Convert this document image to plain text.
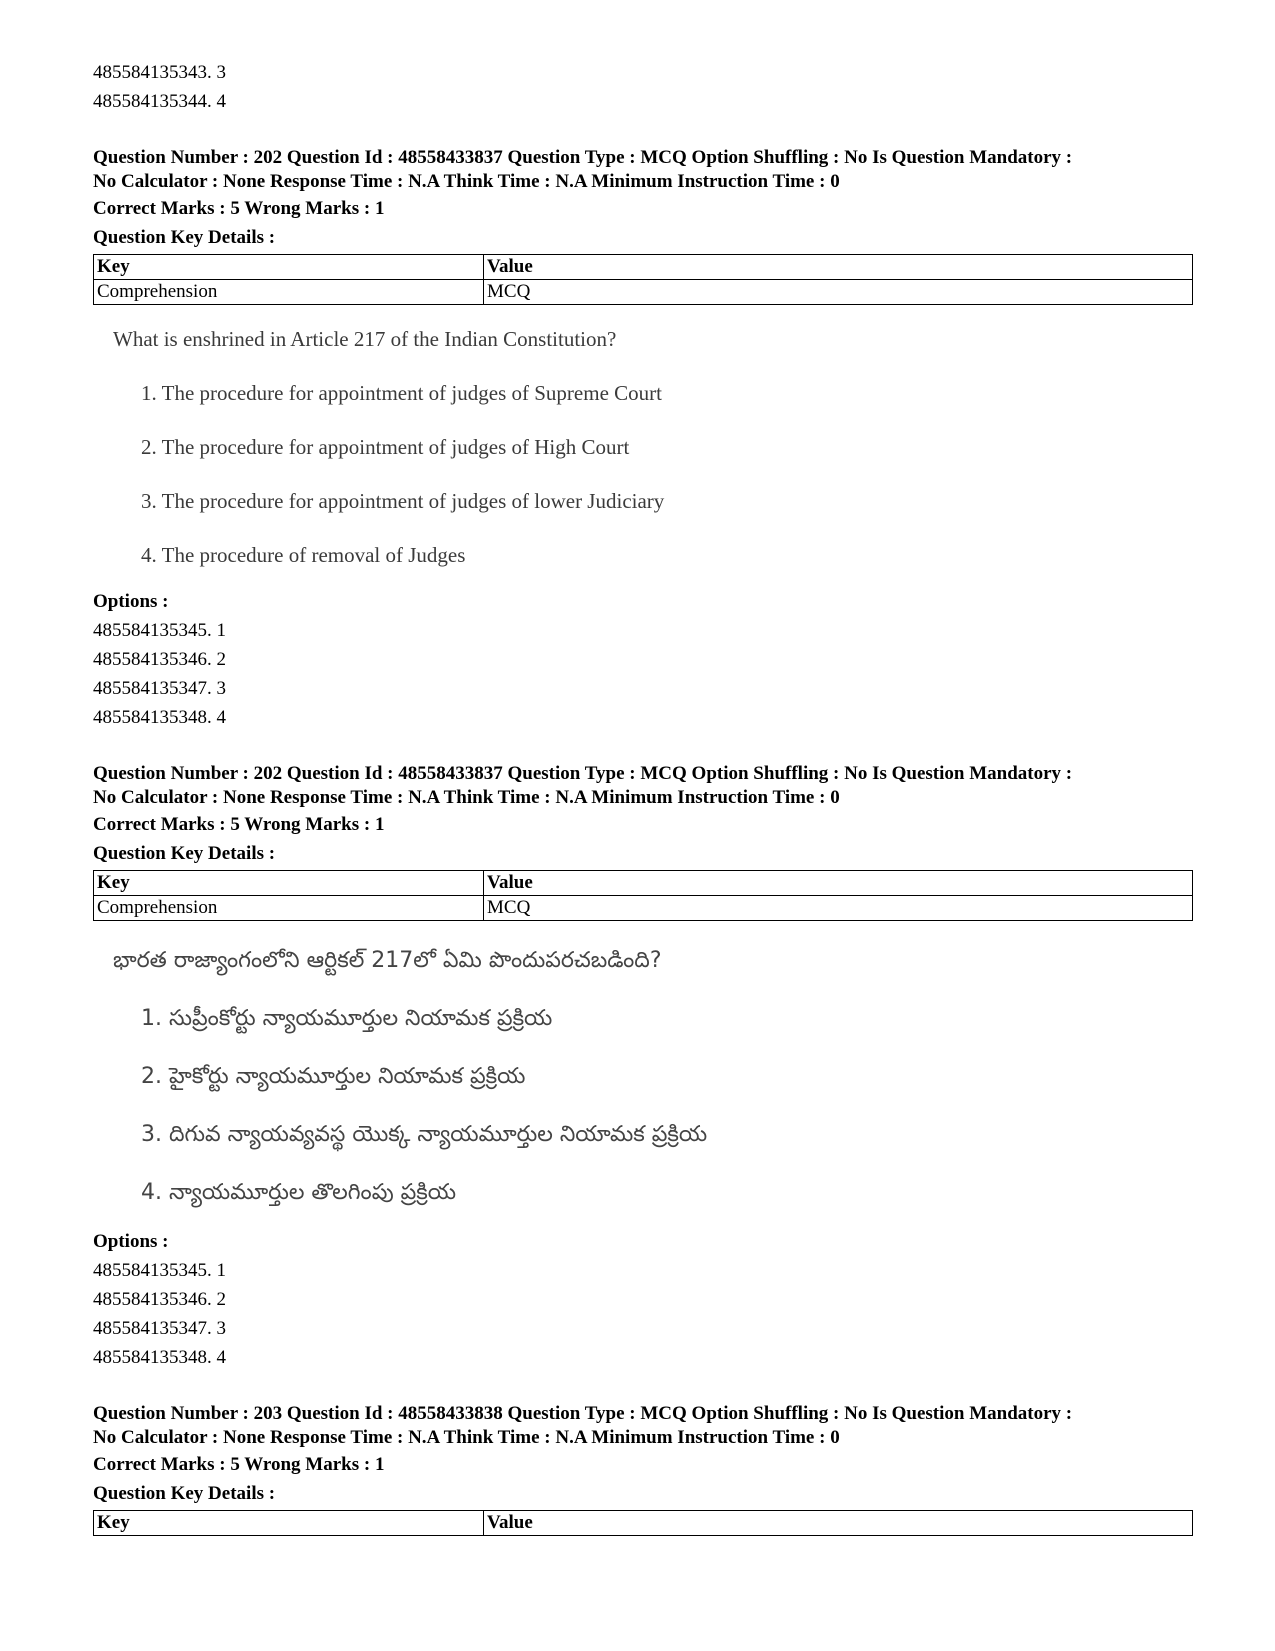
485584135343. 3
485584135344. 4
Question Number : 202 Question Id : 48558433837 Question Type : MCQ Option Shuffling : No Is Question Mandatory :
No Calculator : None Response Time : N.A Think Time : N.A Minimum Instruction Time : 0
Correct Marks : 5 Wrong Marks : 1
Question Key Details :
Key	Value
Comprehension	MCQ
What is enshrined in Article 217 of the Indian Constitution?
1. The procedure for appointment of judges of Supreme Court
2. The procedure for appointment of judges of High Court
3. The procedure for appointment of judges of lower Judiciary
4. The procedure of removal of Judges
Options :
485584135345. 1
485584135346. 2
485584135347. 3
485584135348. 4
Question Number : 202 Question Id : 48558433837 Question Type : MCQ Option Shuffling : No Is Question Mandatory :
No Calculator : None Response Time : N.A Think Time : N.A Minimum Instruction Time : 0
Correct Marks : 5 Wrong Marks : 1
Question Key Details :
Key	Value
Comprehension	MCQ
భారత రాజ్యాంగంలోని ఆర్టికల్ 217లో ఏమి పొందుపరచబడింది?
1. సుప్రీంకోర్టు న్యాయమూర్తుల నియామక ప్రక్రియ
2. హైకోర్టు న్యాయమూర్తుల నియామక ప్రక్రియ
3. దిగువ న్యాయవ్యవస్థ యొక్క న్యాయమూర్తుల నియామక ప్రక్రియ
4. న్యాయమూర్తుల తొలగింపు ప్రక్రియ
Options :
485584135345. 1
485584135346. 2
485584135347. 3
485584135348. 4
Question Number : 203 Question Id : 48558433838 Question Type : MCQ Option Shuffling : No Is Question Mandatory :
No Calculator : None Response Time : N.A Think Time : N.A Minimum Instruction Time : 0
Correct Marks : 5 Wrong Marks : 1
Question Key Details :
Key	Value
